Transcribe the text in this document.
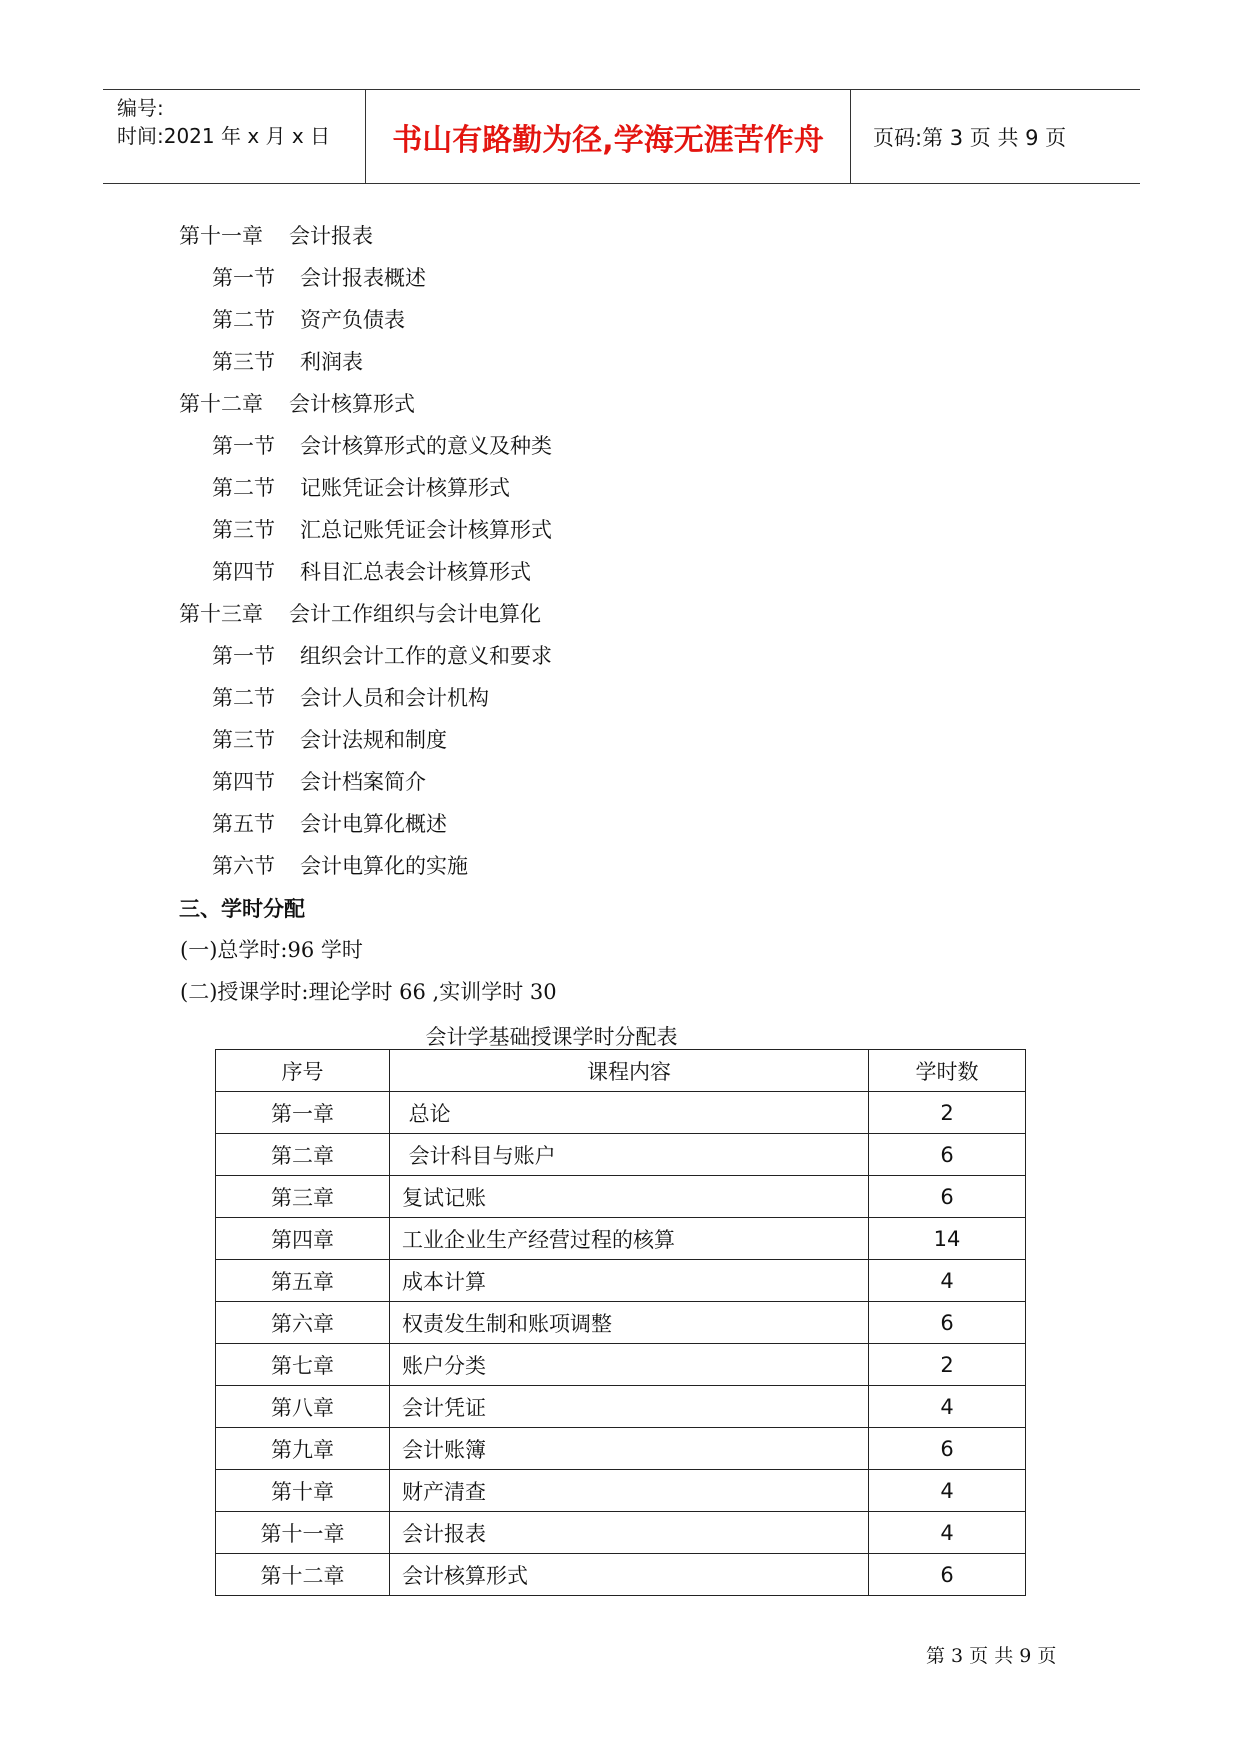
编号:
时间:2021 年 x 月 x 日	书山有路勤为径,学海无涯苦作舟	页码:第 3 页 共 9 页
第十一章 会计报表
第一节 会计报表概述
第二节 资产负债表
第三节 利润表
第十二章 会计核算形式
第一节 会计核算形式的意义及种类
第二节 记账凭证会计核算形式
第三节 汇总记账凭证会计核算形式
第四节 科目汇总表会计核算形式
第十三章 会计工作组织与会计电算化
第一节 组织会计工作的意义和要求
第二节 会计人员和会计机构
第三节 会计法规和制度
第四节 会计档案简介
第五节 会计电算化概述
第六节 会计电算化的实施
三、学时分配
(一)总学时:96 学时
(二)授课学时:理论学时 66 ,实训学时 30
会计学基础授课学时分配表
序号	课程内容	学时数
第一章	总论	2
第二章	会计科目与账户	6
第三章	复试记账	6
第四章	工业企业生产经营过程的核算	14
第五章	成本计算	4
第六章	权责发生制和账项调整	6
第七章	账户分类	2
第八章	会计凭证	4
第九章	会计账簿	6
第十章	财产清查	4
第十一章	会计报表	4
第十二章	会计核算形式	6
第 3 页 共 9 页
